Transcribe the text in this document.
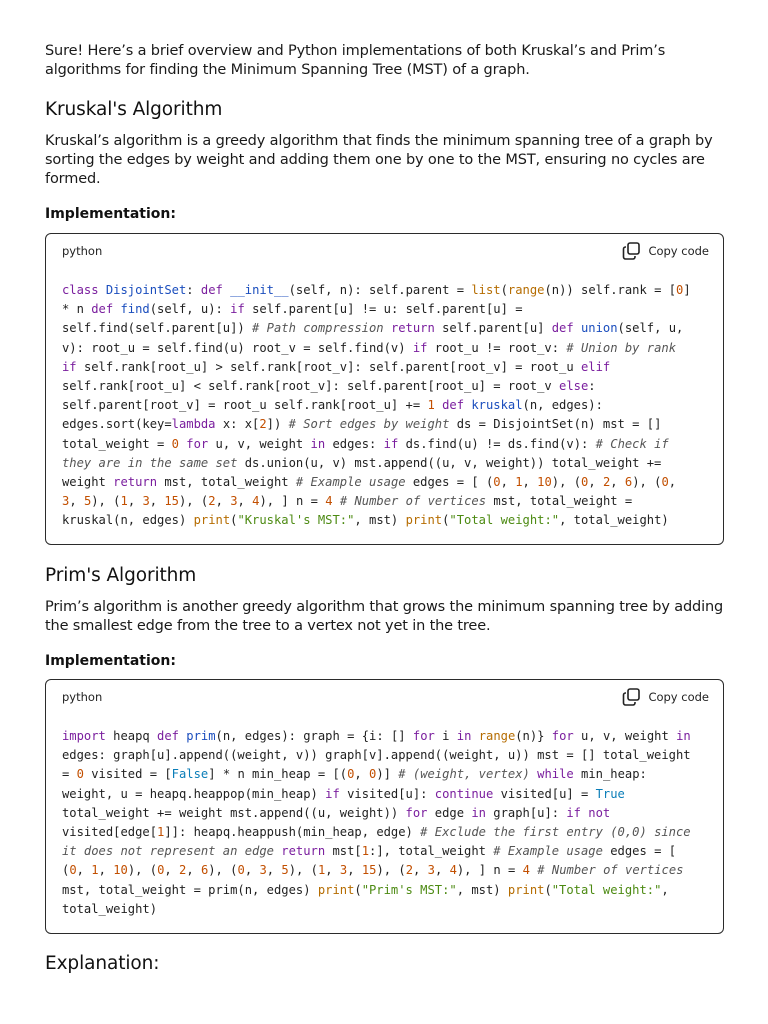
Sure! Here’s a brief overview and Python implementations of both Kruskal’s and Prim’s algorithms for finding the Minimum Spanning Tree (MST) of a graph.

Kruskal's Algorithm

Kruskal’s algorithm is a greedy algorithm that finds the minimum spanning tree of a graph by sorting the edges by weight and adding them one by one to the MST, ensuring no cycles are formed.

Implementation:
python	Copy code
class DisjointSet: def __init__(self, n): self.parent = list(range(n)) self.rank = [0]
* n def find(self, u): if self.parent[u] != u: self.parent[u] =
self.find(self.parent[u]) # Path compression return self.parent[u] def union(self, u,
v): root_u = self.find(u) root_v = self.find(v) if root_u != root_v: # Union by rank
if self.rank[root_u] > self.rank[root_v]: self.parent[root_v] = root_u elif
self.rank[root_u] < self.rank[root_v]: self.parent[root_u] = root_v else:
self.parent[root_v] = root_u self.rank[root_u] += 1 def kruskal(n, edges):
edges.sort(key=lambda x: x[2]) # Sort edges by weight ds = DisjointSet(n) mst = []
total_weight = 0 for u, v, weight in edges: if ds.find(u) != ds.find(v): # Check if
they are in the same set ds.union(u, v) mst.append((u, v, weight)) total_weight +=
weight return mst, total_weight # Example usage edges = [ (0, 1, 10), (0, 2, 6), (0,
3, 5), (1, 3, 15), (2, 3, 4), ] n = 4 # Number of vertices mst, total_weight =
kruskal(n, edges) print("Kruskal's MST:", mst) print("Total weight:", total_weight)
Prim's Algorithm

Prim’s algorithm is another greedy algorithm that grows the minimum spanning tree by adding the smallest edge from the tree to a vertex not yet in the tree.

Implementation:
python	Copy code
import heapq def prim(n, edges): graph = {i: [] for i in range(n)} for u, v, weight in
edges: graph[u].append((weight, v)) graph[v].append((weight, u)) mst = [] total_weight
= 0 visited = [False] * n min_heap = [(0, 0)] # (weight, vertex) while min_heap:
weight, u = heapq.heappop(min_heap) if visited[u]: continue visited[u] = True
total_weight += weight mst.append((u, weight)) for edge in graph[u]: if not
visited[edge[1]]: heapq.heappush(min_heap, edge) # Exclude the first entry (0,0) since
it does not represent an edge return mst[1:], total_weight # Example usage edges = [
(0, 1, 10), (0, 2, 6), (0, 3, 5), (1, 3, 15), (2, 3, 4), ] n = 4 # Number of vertices
mst, total_weight = prim(n, edges) print("Prim's MST:", mst) print("Total weight:",
total_weight)
Explanation:
